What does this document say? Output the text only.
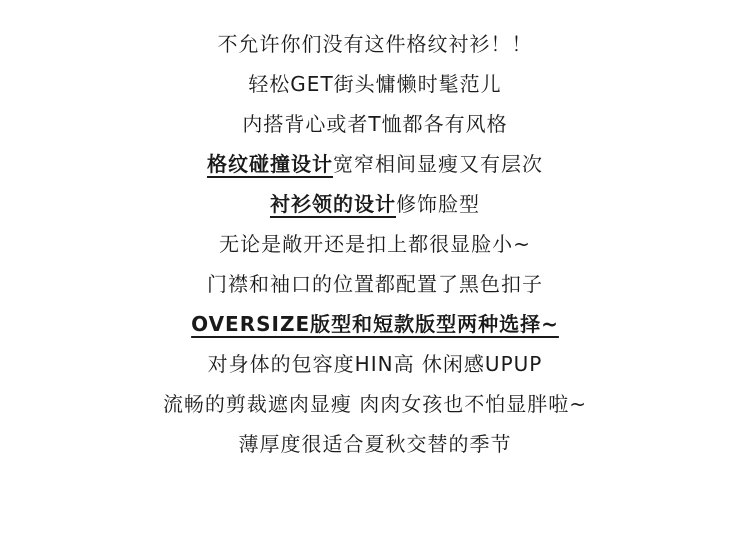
不允许你们没有这件格纹衬衫！！
轻松GET街头慵懒时髦范儿
内搭背心或者T恤都各有风格
格纹碰撞设计宽窄相间显瘦又有层次
衬衫领的设计修饰脸型
无论是敞开还是扣上都很显脸小~
门襟和袖口的位置都配置了黑色扣子
OVERSIZE版型和短款版型两种选择~
对身体的包容度HIN高 休闲感UPUP
流畅的剪裁遮肉显瘦 肉肉女孩也不怕显胖啦~
薄厚度很适合夏秋交替的季节
